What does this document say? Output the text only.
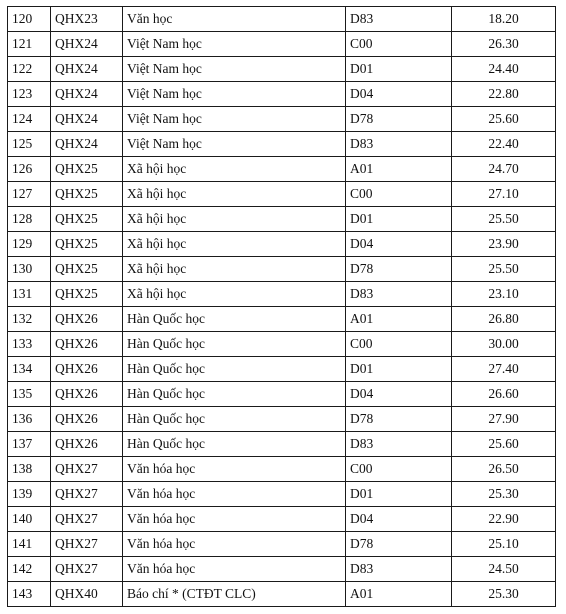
120	QHX23	Văn học	D83	18.20
121	QHX24	Việt Nam học	C00	26.30
122	QHX24	Việt Nam học	D01	24.40
123	QHX24	Việt Nam học	D04	22.80
124	QHX24	Việt Nam học	D78	25.60
125	QHX24	Việt Nam học	D83	22.40
126	QHX25	Xã hội học	A01	24.70
127	QHX25	Xã hội học	C00	27.10
128	QHX25	Xã hội học	D01	25.50
129	QHX25	Xã hội học	D04	23.90
130	QHX25	Xã hội học	D78	25.50
131	QHX25	Xã hội học	D83	23.10
132	QHX26	Hàn Quốc học	A01	26.80
133	QHX26	Hàn Quốc học	C00	30.00
134	QHX26	Hàn Quốc học	D01	27.40
135	QHX26	Hàn Quốc học	D04	26.60
136	QHX26	Hàn Quốc học	D78	27.90
137	QHX26	Hàn Quốc học	D83	25.60
138	QHX27	Văn hóa học	C00	26.50
139	QHX27	Văn hóa học	D01	25.30
140	QHX27	Văn hóa học	D04	22.90
141	QHX27	Văn hóa học	D78	25.10
142	QHX27	Văn hóa học	D83	24.50
143	QHX40	Báo chí * (CTĐT CLC)	A01	25.30
